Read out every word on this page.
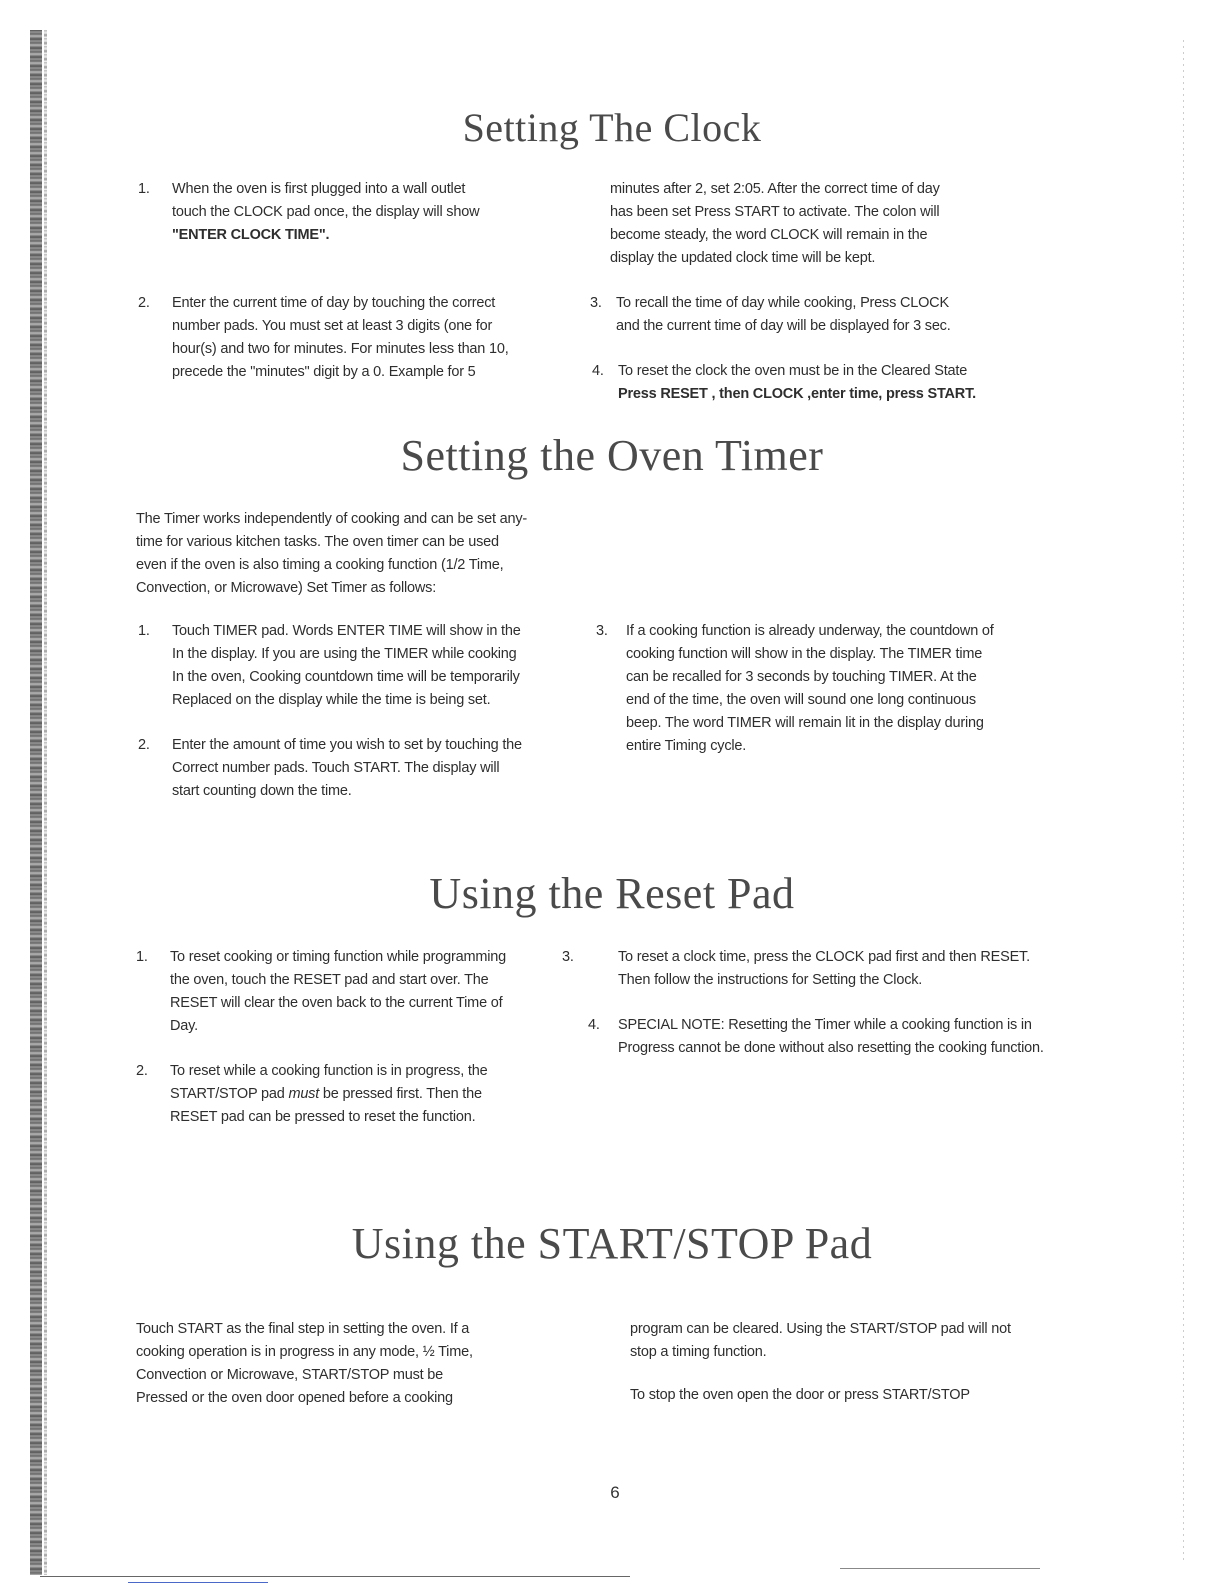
Setting The Clock
1. When the oven is first plugged into a wall outlet
touch the CLOCK pad once, the display will show
"ENTER CLOCK TIME".
2. Enter the current time of day by touching the correct
number pads. You must set at least 3 digits (one for
hour(s) and two for minutes. For minutes less than 10,
precede the "minutes" digit by a 0. Example for 5
minutes after 2, set 2:05. After the correct time of day
has been set Press START to activate. The colon will
become steady, the word CLOCK will remain in the
display the updated clock time will be kept.
3. To recall the time of day while cooking, Press CLOCK
and the current time of day will be displayed for 3 sec.
4. To reset the clock the oven must be in the Cleared State
Press RESET , then CLOCK ,enter time, press START.
Setting the Oven Timer
The Timer works independently of cooking and can be set any-
time for various kitchen tasks. The oven timer can be used
even if the oven is also timing a cooking function (1/2 Time,
Convection, or Microwave) Set Timer as follows:
1. Touch TIMER pad. Words ENTER TIME will show in the
In the display. If you are using the TIMER while cooking
In the oven, Cooking countdown time will be temporarily
Replaced on the display while the time is being set.
2. Enter the amount of time you wish to set by touching the
Correct number pads. Touch START. The display will
start counting down the time.
3. If a cooking function is already underway, the countdown of
cooking function will show in the display. The TIMER time
can be recalled for 3 seconds by touching TIMER. At the
end of the time, the oven will sound one long continuous
beep. The word TIMER will remain lit in the display during
entire Timing cycle.
Using the Reset Pad
1. To reset cooking or timing function while programming
the oven, touch the RESET pad and start over. The
RESET will clear the oven back to the current Time of
Day.
2. To reset while a cooking function is in progress, the
START/STOP pad must be pressed first. Then the
RESET pad can be pressed to reset the function.
3.	To reset a clock time, press the CLOCK pad first and then RESET.
Then follow the instructions for Setting the Clock.
4. SPECIAL NOTE: Resetting the Timer while a cooking function is in
Progress cannot be done without also resetting the cooking function.
Using the START/STOP Pad
Touch START as the final step in setting the oven. If a
cooking operation is in progress in any mode, ½ Time,
Convection or Microwave, START/STOP must be
Pressed or the oven door opened before a cooking
program can be cleared. Using the START/STOP pad will not
stop a timing function.
To stop the oven open the door or press START/STOP
6
